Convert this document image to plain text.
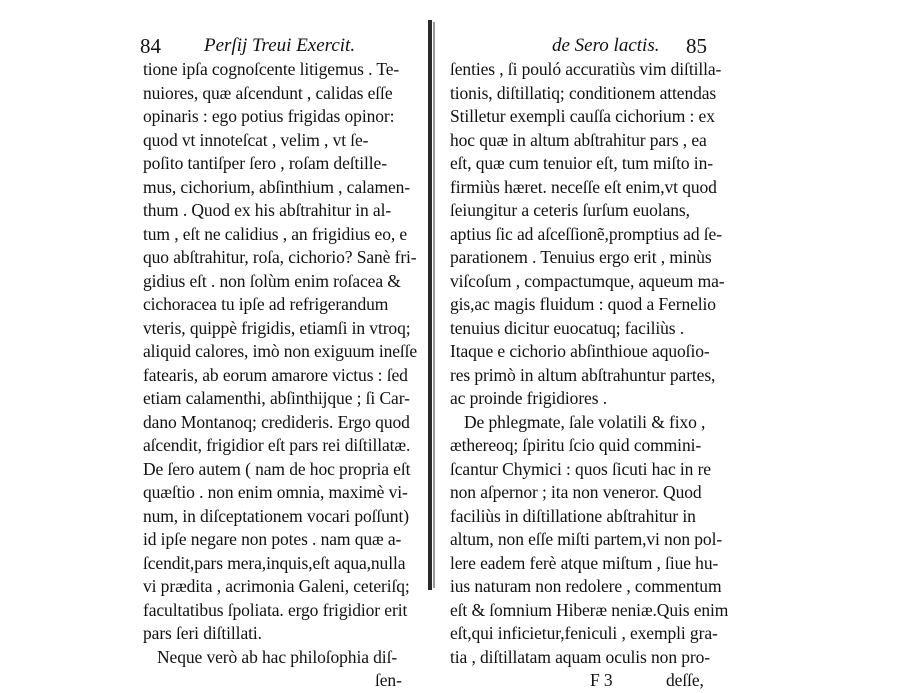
84 Perſij Treui Exercit.
tione ipſa cognoſcente litigemus . Te-
nuiores, quæ aſcendunt , calidas eſſe
opinaris : ego potius frigidas opinor:
quod vt innoteſcat , velim , vt ſe-
poſito tantiſper ſero , roſam deſtille-
mus, cichorium, abſinthium , calamen-
thum . Quod ex his abſtrahitur in al-
tum , eſt ne calidius , an frigidius eo, e
quo abſtrahitur, roſa, cichorio? Sanè fri-
gidius eſt . non ſolùm enim roſacea &
cichoracea tu ipſe ad refrigerandum
vteris, quippè frigidis, etiamſi in vtroq;
aliquid calores, imò non exiguum ineſſe
fatearis, ab eorum amarore victus : ſed
etiam calamenthi, abſinthijque ; ſi Car-
dano Montanoq; credideris. Ergo quod
aſcendit, frigidior eſt pars rei diſtillatæ.
De ſero autem ( nam de hoc propria eſt
quæſtio . non enim omnia, maximè vi-
num, in diſceptationem vocari poſſunt)
id ipſe negare non potes . nam quæ a-
ſcendit,pars mera,inquis,eſt aqua,nulla
vi prædita , acrimonia Galeni, ceteriſq;
facultatibus ſpoliata. ergo frigidior erit
pars ſeri diſtillati.
Neque verò ab hac philoſophia diſ-
ſen-
de Sero lactis. 85
ſenties , ſi pouló accuratiùs vim diſtilla-
tionis, diſtillatiq; conditionem attendas
Stilletur exempli cauſſa cichorium : ex
hoc quæ in altum abſtrahitur pars , ea
eſt, quæ cum tenuior eſt, tum miſto in-
firmiùs hæret. neceſſe eſt enim,vt quod
ſeiungitur a ceteris ſurſum euolans,
aptius ſic ad aſceſſionẽ,promptius ad ſe-
parationem . Tenuius ergo erit , minùs
viſcoſum , compactumque, aqueum ma-
gis,ac magis fluidum : quod a Fernelio
tenuius dicitur euocatuq; faciliùs .
Itaque e cichorio abſinthioue aquoſio-
res primò in altum abſtrahuntur partes,
ac proinde frigidiores .
De phlegmate, ſale volatili & fixo ,
æthereoq; ſpiritu ſcio quid commini-
ſcantur Chymici : quos ſicuti hac in re
non aſpernor ; ita non veneror. Quod
faciliùs in diſtillatione abſtrahitur in
altum, non eſſe miſti partem,vi non pol-
lere eadem ferè atque miſtum , ſiue hu-
ius naturam non redolere , commentum
eſt & ſomnium Hiberæ neniæ.Quis enim
eſt,qui inficietur,feniculi , exempli gra-
tia , diſtillatam aquam oculis non pro-
F 3	deſſe,
